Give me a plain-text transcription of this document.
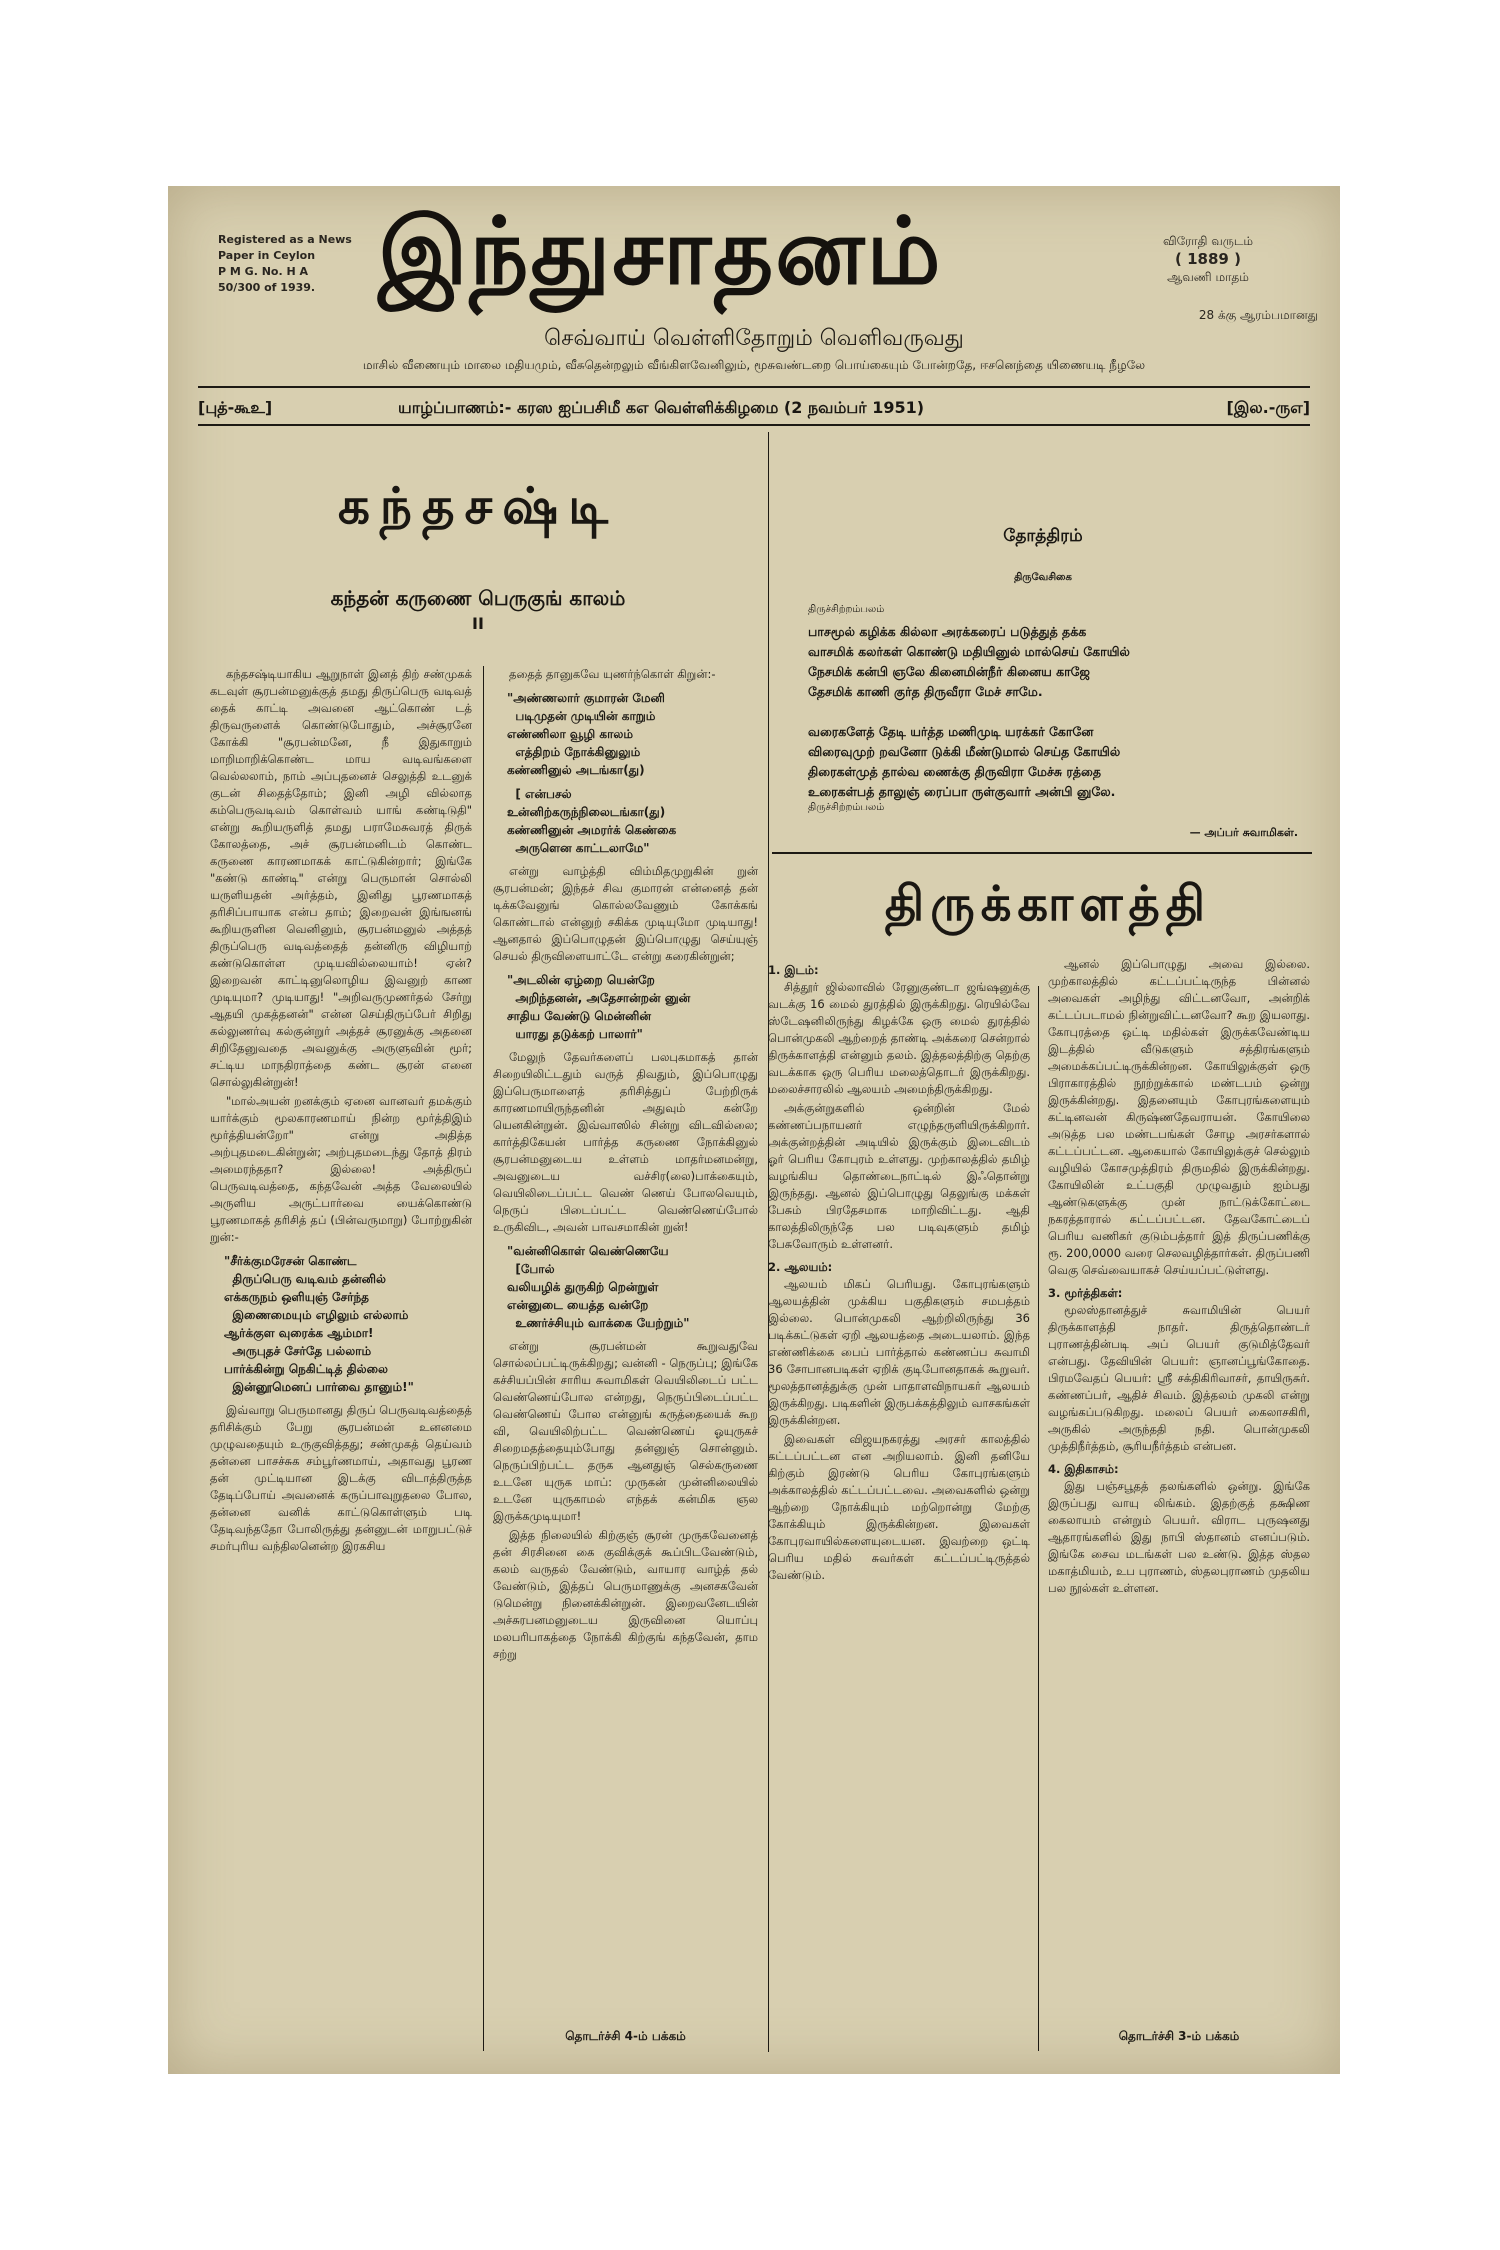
Registered as a News
Paper in Ceylon
P M G. No. H A
50/300 of 1939. இந்துசாதனம்	விரோதி வருடம்
( 1889 )
ஆவணி மாதம்
28 க்கு ஆரம்பமானது
செவ்வாய் வெள்ளிதோறும் வெளிவருவது
மாசில் வீணையும் மாலை மதியமும், வீசுதென்றலும் வீங்கிளவேனிலும், மூசுவண்டறை பொய்கையும் போன்றதே, ஈசனெந்தை யிணையடி நீழலே
[புத்-கூஉ]	யாழ்ப்பாணம்:- கரஸ ஐப்பசிமீ கஎ வெள்ளிக்கிழமை (2 நவம்பர் 1951)	[இல.-ருஎ]
கந்தசஷ்டி
கந்தன் கருணை பெருகுங் காலம்
II

கந்தசஷ்டியாகிய ஆறுநாள் இனத் திற் சண்முகக் கடவுள் சூரபன்மனுக்குத் தமது திருப்பெரு வடிவத் தைக் காட்டி அவனை ஆட்கொண் டத் திருவருளைக் கொண்டுபோதும், அச்சூரனே கோக்கி "சூரபன்மனே, நீ இதுகாறும் மாறிமாறிக்கொண்ட மாய வடிவங்களை வெல்லலாம், நாம் அப்புதனைச் செலுத்தி உடனுக் குடன் சிதைத்தோம்; இனி அழி வில்லாத கம்பெருவடிவம் கொள்வம் யாங் கண்டிடுதி" என்று கூறியருளித் தமது பராமேசுவரத் திருக் கோலத்தை, அச் சூரபன்மனிடம் கொண்ட கருணை காரணமாகக் காட்டுகின்றார்; இங்கே "கண்டு காண்டி" என்று பெருமான் சொல்லி யருளியதன் அர்த்தம், இனிது பூரணமாகத் தரிசிப்பாயாக என்ப தாம்; இறைவன் இங்ஙனங் கூறியருளின வெனினும், சூரபன்மனுல் அத்தத் திருப்பெரு வடிவத்தைத் தன்னிரு விழியாற் கண்டுகொள்ள முடியவில்லையாம்! ஏன்? இறைவன் காட்டினுலொழிய இவனுற் காண முடியுமா? முடியாது! "அறிவருமுணர்தல் சேர்று ஆதயி முகத்தனன்" என்ன செய்திருப்பேர் சிறிது கல்லுணர்வு கல்குன்றுர் அத்தச் சூரனுக்கு அதனை சிறிதேனுவதை அவனுக்கு அருளுவின் மூர்; சட்டிய மாநதிராத்தை கண்ட சூரன் எனை சொல்லுகின்றுன்!

"மால்அயன் றனக்கும் ஏனை வானவர் தமக்கும் யார்க்கும் மூலகாரணமாய் நின்ற மூர்த்திஇம் மூர்த்தியன்றோ" என்று அதித்த அற்புதமடைகின்றுன்; அற்புதமடைந்து தோத் திரம் அமைரந்ததா? இல்லை! அத்திருப் பெருவடிவத்தை, கந்தவேன் அத்த வேலையில் அருளிய அருட்பார்வை யைக்கொண்டு பூரணமாகத் தரிசித் தப் (பின்வருமாறு) போற்றுகின் றுன்:-

"சீர்க்குமரேசன் கொண்ட
திருப்பெரு வடிவம் தன்னில்
எக்கருநம் ஒளியுஞ் சேர்ந்த
இணைமையும் எழிலும் எல்லாம்
ஆர்க்குள வுரைக்க ஆம்மா!
அருபுதச் சேர்தே பல்லாம்
பார்க்கின்று நெகிட்டித் தில்லை
இன்னூமெனப் பார்வை தானும்!"

இவ்வாறு பெருமானது திருப் பெருவடிவத்தைத் தரிசிக்கும் பேறு சூரபன்மன் உனனமை முழுவதையும் உருகுவித்தது; சண்முகத் தெய்வம் தன்னை பாசச்சுக சம்பூர்ணமாய், அதாவது பூரண தன் முட்டியான இடக்கு விடாத்திருத்த தேடிப்போய் அவனைக் கருப்பாவுறுதலை போல, தன்னை வனிக் காட்டுகொள்ளும் படி தேடிவந்ததோ போலிருத்து தன்னுடன் மாறுபட்டுச் சமர்புரிய வந்திலனென்ற இரகசிய

ததைத் தானுகவே யுணர்ந்கொள் கிறுன்:-

"அண்ணலார் குமாரன் மேனி
படிமுதன் முடியின் காறும்
எண்ணிலா வூழி காலம்
எத்திறம் நோக்கினுலும்
கண்ணினுல் அடங்கா(து)
[ என்பசல்
உன்னிற்கருந்நிலைடங்கா(து)
கண்ணினுன் அமரர்க் கெண்கை
அருளென காட்டலாமே"

என்று வாழ்த்தி விம்மிதமுறுகின் றுன் சூரபன்மன்; இந்தச் சிவ குமாரன் என்னைத் தன் டிக்கவேனுங் கொல்லவேணும் கோக்கங் கொண்டால் என்னுற் சகிக்க முடியுமோ முடியாது! ஆனதால் இப்பொழுதன் இப்பொழுது செய்யுஞ் செயல் திருவிளையாட்டே என்று கரைகின்றுன்;

"அடலின் ஏழ்றை யென்றே
அறிந்தனன், அதேசான்றன் னுன்
சாதிய வேண்டு மென்னின்
யாரது தடுக்கற் பாலார்"

மேலுந் தேவர்களைப் பலபுகமாகத் தான் சிறையிலிட்டதும் வருத் திவதும், இப்பொழுது இப்பெருமாளைத் தரிசித்துப் பேற்றிருக் காரணமாயிருந்தனின் அதுவும் கன்றே யெனகின்றுன். இவ்வாஸில் சின்று விடவில்லை; கார்த்திகேயன் பார்த்த கருணை நோக்கினுல் சூரபன்மனுடைய உள்ளம் மாதர்மனமன்று, அவனுடைய வச்சிர(லை)பாக்கையும், வெயிலிடைப்பட்ட வெண் ணெய் போலவெயும், நெருப் பிடைப்பட்ட வெண்ணெய்போல் உருகிவிட, அவன் பாவசமாகின் றுன்!

"வன்னிகொள் வெண்ணெயே
[போல்
வலியழிக் துருகிற் றென்றுள்
என்னுடை யைத்த வன்றே
உணர்ச்சியும் வாக்கை யேற்றும்"

என்று சூரபன்மன் கூறுவதுவே சொல்லப்பட்டிருக்கிறது; வன்னி - நெருப்பு; இங்கே கச்சியப்பின் சாரிய சுவாமிகள் வெயிலிடைப் பட்ட வெண்ணெய்போல என்றது, நெருப்பிடைப்பட்ட வெண்ணெய் போல என்னுங் கருத்தையைக் கூற வி, வெயிலிற்பட்ட வெண்ணெய் ஓயுருகச் சிறைமதத்தையும்போது தன்னுஞ் சொன்னும். நெருப்பிற்பட்ட தருக ஆனதுஞ் செல்கருணை உடனே யுருக மாப்: முருகன் முன்னிலையில் உடனே யுருகாமல் எந்தக் கன்மிக ஞல இருக்கமுடியுமா!

இத்த நிலையில் கிற்குஞ் சூரன் முருகவேனைத் தன் சிரசினை கை குவிக்குக் கூப்பிடவேண்டும், கலம் வருதல் வேண்டும், வாயார வாழ்த் தல் வேண்டும், இத்தப் பெருமாணுக்கு அனசகவேன் டுமென்று நினைக்கின்றுன். இறைவனேடயின் அச்சுரபனமனுடைய இருவினை யொப்பு மலபரிபாகத்தை நோக்கி கிற்குங் கந்தவேன், தாம சற்று

தொடர்ச்சி 4-ம் பக்கம்
தோத்திரம்
திருவேசிகை
திருச்சிற்றம்பலம்
பாசமூல் கழிக்க கில்லா அரக்கரைப் படுத்துத் தக்க
வாசமிக் கலர்கள் கொண்டு மதியினுல் மால்செய் கோயில்
நேசமிக் கன்பி ஞலே கினைமின்நீர் கினைய காஜே
தேசமிக் காணி குர்த திருவீரா மேச் சாமே.

வரைகளேத் தேடி யர்த்த மணிமுடி யரக்கர் கோனே
விரைவுமுற் றவனோ டுக்கி மீண்டுமால் செய்த கோயில்
திரைகள்முத் தால்வ ணைக்கு திருவிரா மேச்சு ரத்தை
உரைகள்பத் தாலுஞ் ரைப்பா ருள்குவார் அன்பி னுலே.
திருச்சிற்றம்பலம்
— அப்பர் சுவாமிகள்.
திருக்காளத்தி
1. இடம்:

சித்தூர் ஜில்லாவில் ரேனுகுண்டா ஜங்ஷனுக்கு வடக்கு 16 மைல் துரத்தில் இருக்கிறது. ரெயில்வே ஸ்டேஷனிலிருந்து கிழக்கே ஒரு மைல் துரத்தில் பொன்முகலி ஆற்றைத் தாண்டி அக்கரை சென்றால் திருக்காளத்தி என்னும் தலம். இத்தலத்திற்கு தெற்கு வடக்காக ஒரு பெரிய மலைத்தொடர் இருக்கிறது. மலைச்சாரலில் ஆலயம் அமைந்திருக்கிறது.

அக்குன்றுகளில் ஒன்றின் மேல் கண்ணப்பநாயனர் எழுந்தருளியிருக்கிறார். அக்குன்றத்தின் அடியில் இருக்கும் இடைவிடம் ஓர் பெரிய கோபுரம் உள்ளது. முற்காலத்தில் தமிழ் வழங்கிய தொண்டைநாட்டில் இஃதொன்று இருந்தது. ஆனல் இப்பொழுது தெலுங்கு மக்கள் பேசும் பிரதேசமாக மாறிவிட்டது. ஆதி காலத்திலிருந்தே பல படிவுகளும் தமிழ் பேசுவோரும் உள்ளனர்.

2. ஆலயம்:

ஆலயம் மிகப் பெரியது. கோபுரங்களும் ஆலயத்தின் முக்கிய பகுதிகளும் சமபத்தம் இல்லை. பொன்முகலி ஆற்றிலிருந்து 36 படிக்கட்டுகள் ஏறி ஆலயத்தை அடையலாம். இந்த எண்ணிக்கை பைப் பார்த்தால் கண்ணப்ப சுவாமி 36 சோபானபடிகள் ஏறிக் குடிபோனதாகக் கூறுவர். மூலத்தானத்துக்கு முன் பாதாளவிநாயகர் ஆலயம் இருக்கிறது. படிகளின் இருபக்கத்திலும் வாசகங்கள் இருக்கின்றன.

இவைகள் விஜயநகரத்து அரசர் காலத்தில் கட்டப்பட்டன என அறியலாம். இனி தனியே கிற்கும் இரண்டு பெரிய கோபுரங்களும் அக்காலத்தில் கட்டப்பட்டவை. அவைகளில் ஒன்று ஆற்றை நோக்கியும் மற்றொன்று மேற்கு கோக்கியும் இருக்கின்றன. இவைகள் கோபுரவாயில்களையுடையன. இவற்றை ஒட்டி பெரிய மதில் சுவர்கள் கட்டப்பட்டிருத்தல் வேண்டும்.

ஆனல் இப்பொழுது அவை இல்லை. முற்காலத்தில் கட்டப்பட்டிருந்த பின்னல் அவைகள் அழிந்து விட்டனவோ, அன்றிக் கட்டப்படாமல் நின்றுவிட்டனவோ? கூற இயலாது. கோபுரத்தை ஒட்டி மதில்கள் இருக்கவேண்டிய இடத்தில் வீடுகளும் சத்திரங்களும் அமைக்கப்பட்டிருக்கின்றன. கோயிலுக்குள் ஒரு பிராகாரத்தில் நூற்றுக்கால் மண்டபம் ஒன்று இருக்கின்றது. இதனையும் கோபுரங்களையும் கட்டினவன் கிருஷ்ணதேவராயன். கோயிலை அடுத்த பல மண்டபங்கள் சோழ அரசர்களால் கட்டப்பட்டன. ஆகையால் கோயிலுக்குச் செல்லும் வழியில் கோசமுத்திரம் திருமதில் இருக்கின்றது. கோயிலின் உட்பகுதி முழுவதும் ஐம்பது ஆண்டுகளுக்கு முன் நாட்டுக்கோட்டை நகரத்தாரால் கட்டப்பட்டன. தேவகோட்டைப் பெரிய வணிகர் குடும்பத்தார் இத் திருப்பணிக்கு ரூ. 200,0000 வரை செலவழித்தார்கள். திருப்பணி வெகு செவ்வையாகச் செய்யப்பட்டுள்ளது.

3. மூர்த்திகள்:

மூலஸ்தானத்துச் சுவாமியின் பெயர் திருக்காளத்தி நாதர். திருத்தொண்டர் புராணத்தின்படி அப் பெயர் குடுமித்தேவர் என்பது. தேவியின் பெயர்: ஞானப்பூங்கோதை. பிரமவேதப் பெயர்: ஸ்ரீ சக்திகிரிவாசர், தாயிருசுர். கண்ணப்பர், ஆதிச் சிவம். இத்தலம் முகலி என்று வழங்கப்படுகிறது. மலைப் பெயர் கைலாசகிரி, அருகில் அருந்ததி நதி. பொன்முகலி முத்திநீர்த்தம், சூரியநீர்த்தம் என்பன.

4. இதிகாசம்:

இது பஞ்சபூதத் தலங்களில் ஒன்று. இங்கே இருப்பது வாயு லிங்கம். இதற்குத் தக்ஷிண கைலாயம் என்றும் பெயர். விராட புருஷனது ஆதாரங்களில் இது நாபி ஸ்தானம் எனப்படும். இங்கே சைவ மடங்கள் பல உண்டு. இத்த ஸ்தல மகாத்மியம், உப புராணம், ஸ்தலபுராணம் முதலிய பல நூல்கள் உள்ளன.

தொடர்ச்சி 3-ம் பக்கம்
